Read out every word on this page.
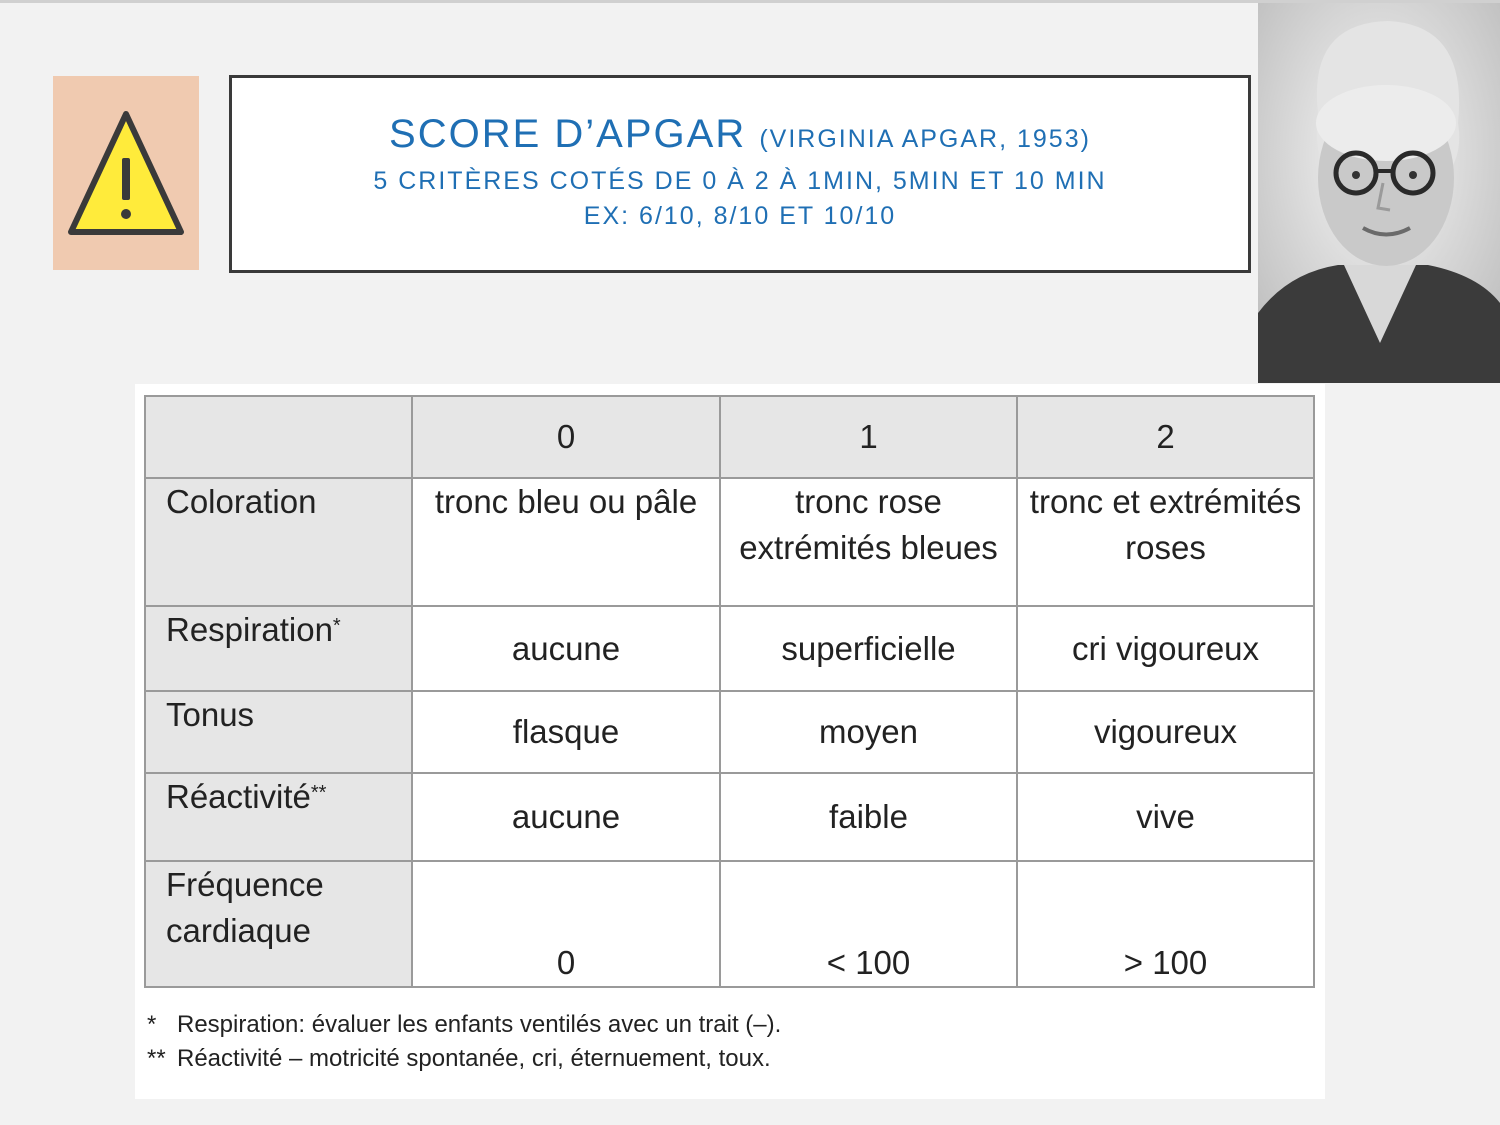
SCORE D’APGAR (VIRGINIA APGAR, 1953)
5 CRITÈRES COTÉS DE 0 À 2 À 1MIN, 5MIN ET 10 MIN
EX: 6/10, 8/10 ET 10/10
	0	1	2
Coloration	tronc bleu ou pâle	tronc rose extrémités bleues	tronc et extrémités roses
Respiration*	aucune	superficielle	cri vigoureux
Tonus	flasque	moyen	vigoureux
Réactivité**	aucune	faible	vive
Fréquence cardiaque	0	< 100	> 100
* Respiration: évaluer les enfants ventilés avec un trait (–).
** Réactivité – motricité spontanée, cri, éternuement, toux.
